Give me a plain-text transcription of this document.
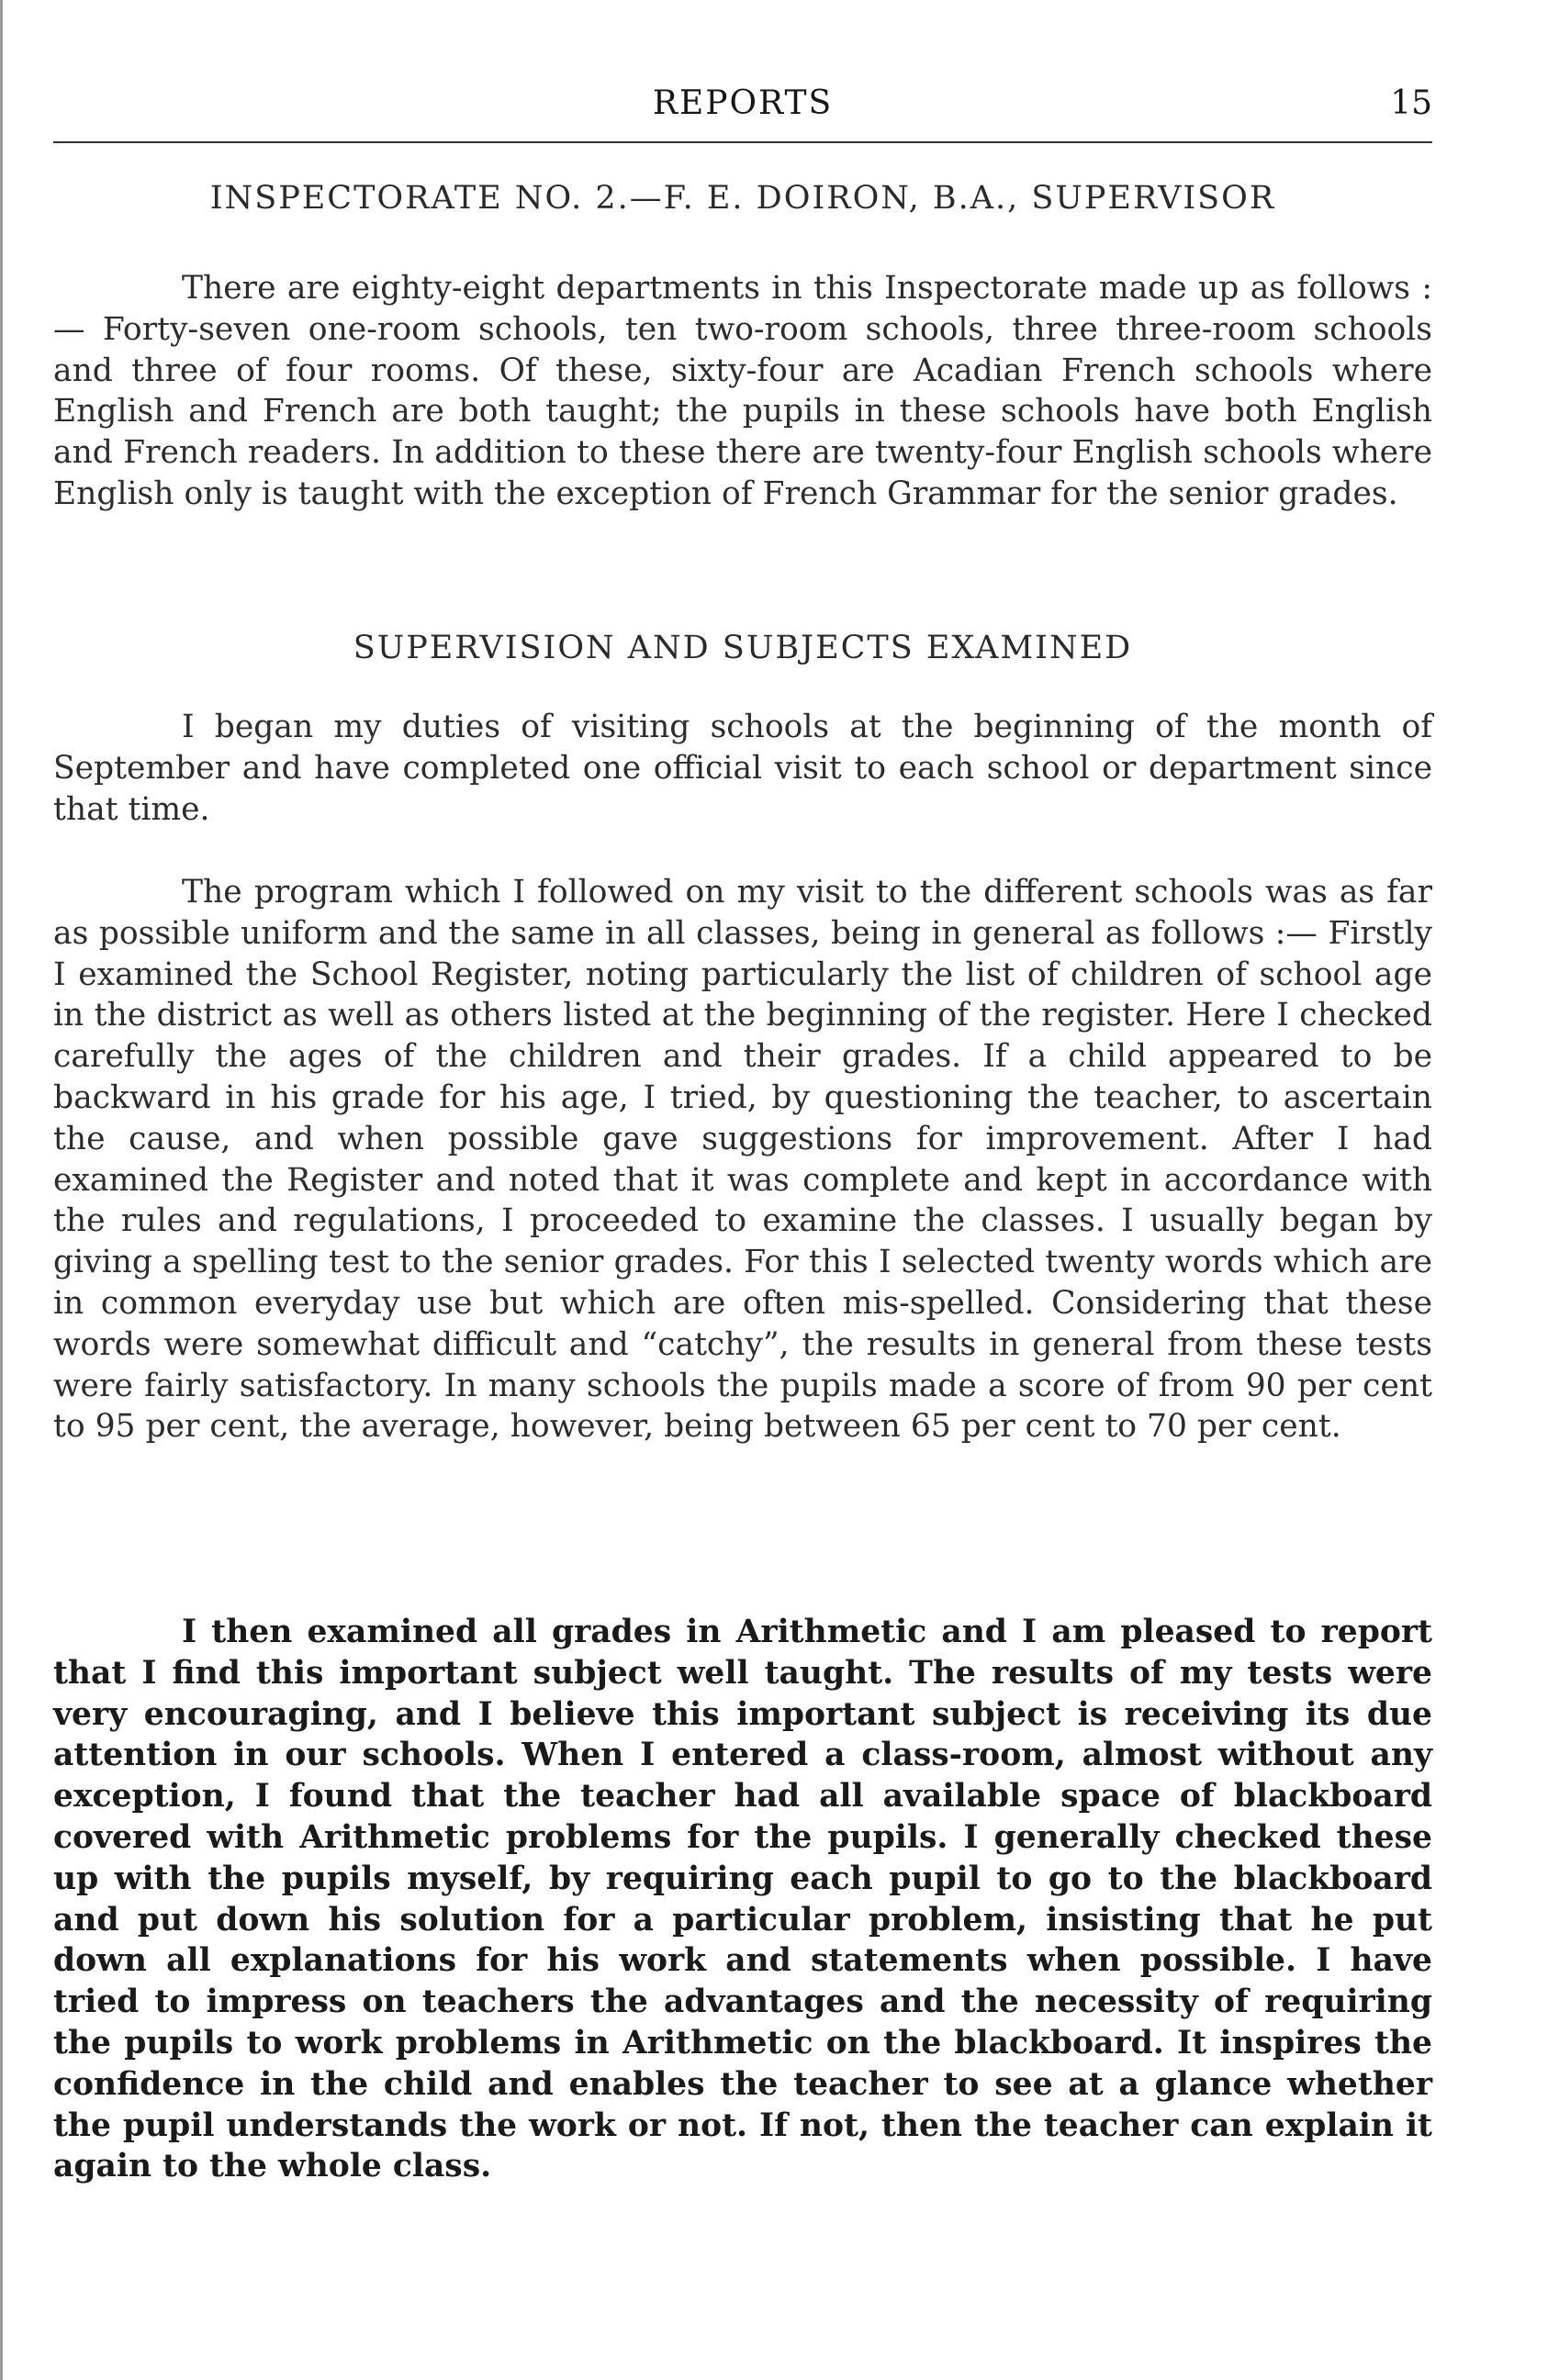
REPORTS	15
INSPECTORATE NO. 2.—F. E. DOIRON, B.A., SUPERVISOR

There are eighty-eight departments in this Inspectorate made up as follows :— Forty-seven one-room schools, ten two-room schools, three three-room schools and three of four rooms. Of these, sixty-four are Acadian French schools where English and French are both taught; the pupils in these schools have both English and French readers. In addition to these there are twenty-four English schools where English only is taught with the exception of French Grammar for the senior grades.

SUPERVISION AND SUBJECTS EXAMINED

I began my duties of visiting schools at the beginning of the month of September and have completed one official visit to each school or department since that time.

The program which I followed on my visit to the different schools was as far as possible uniform and the same in all classes, being in general as follows :— Firstly I examined the School Register, noting particularly the list of children of school age in the district as well as others listed at the beginning of the register. Here I checked carefully the ages of the children and their grades. If a child appeared to be backward in his grade for his age, I tried, by questioning the teacher, to ascertain the cause, and when possible gave suggestions for improvement. After I had examined the Register and noted that it was complete and kept in accordance with the rules and regulations, I proceeded to examine the classes. I usually began by giving a spelling test to the senior grades. For this I selected twenty words which are in common everyday use but which are often mis-spelled. Considering that these words were somewhat difficult and “catchy”, the results in general from these tests were fairly satisfactory. In many schools the pupils made a score of from 90 per cent to 95 per cent, the average, however, being between 65 per cent to 70 per cent.

I then examined all grades in Arithmetic and I am pleased to report that I find this important subject well taught. The results of my tests were very encouraging, and I believe this important subject is receiving its due attention in our schools. When I entered a class-room, almost without any exception, I found that the teacher had all available space of blackboard covered with Arithmetic problems for the pupils. I generally checked these up with the pupils myself, by requiring each pupil to go to the blackboard and put down his solution for a particular problem, insisting that he put down all explanations for his work and statements when possible. I have tried to impress on teachers the advantages and the necessity of requiring the pupils to work problems in Arithmetic on the blackboard. It inspires the confidence in the child and enables the teacher to see at a glance whether the pupil understands the work or not. If not, then the teacher can explain it again to the whole class.
